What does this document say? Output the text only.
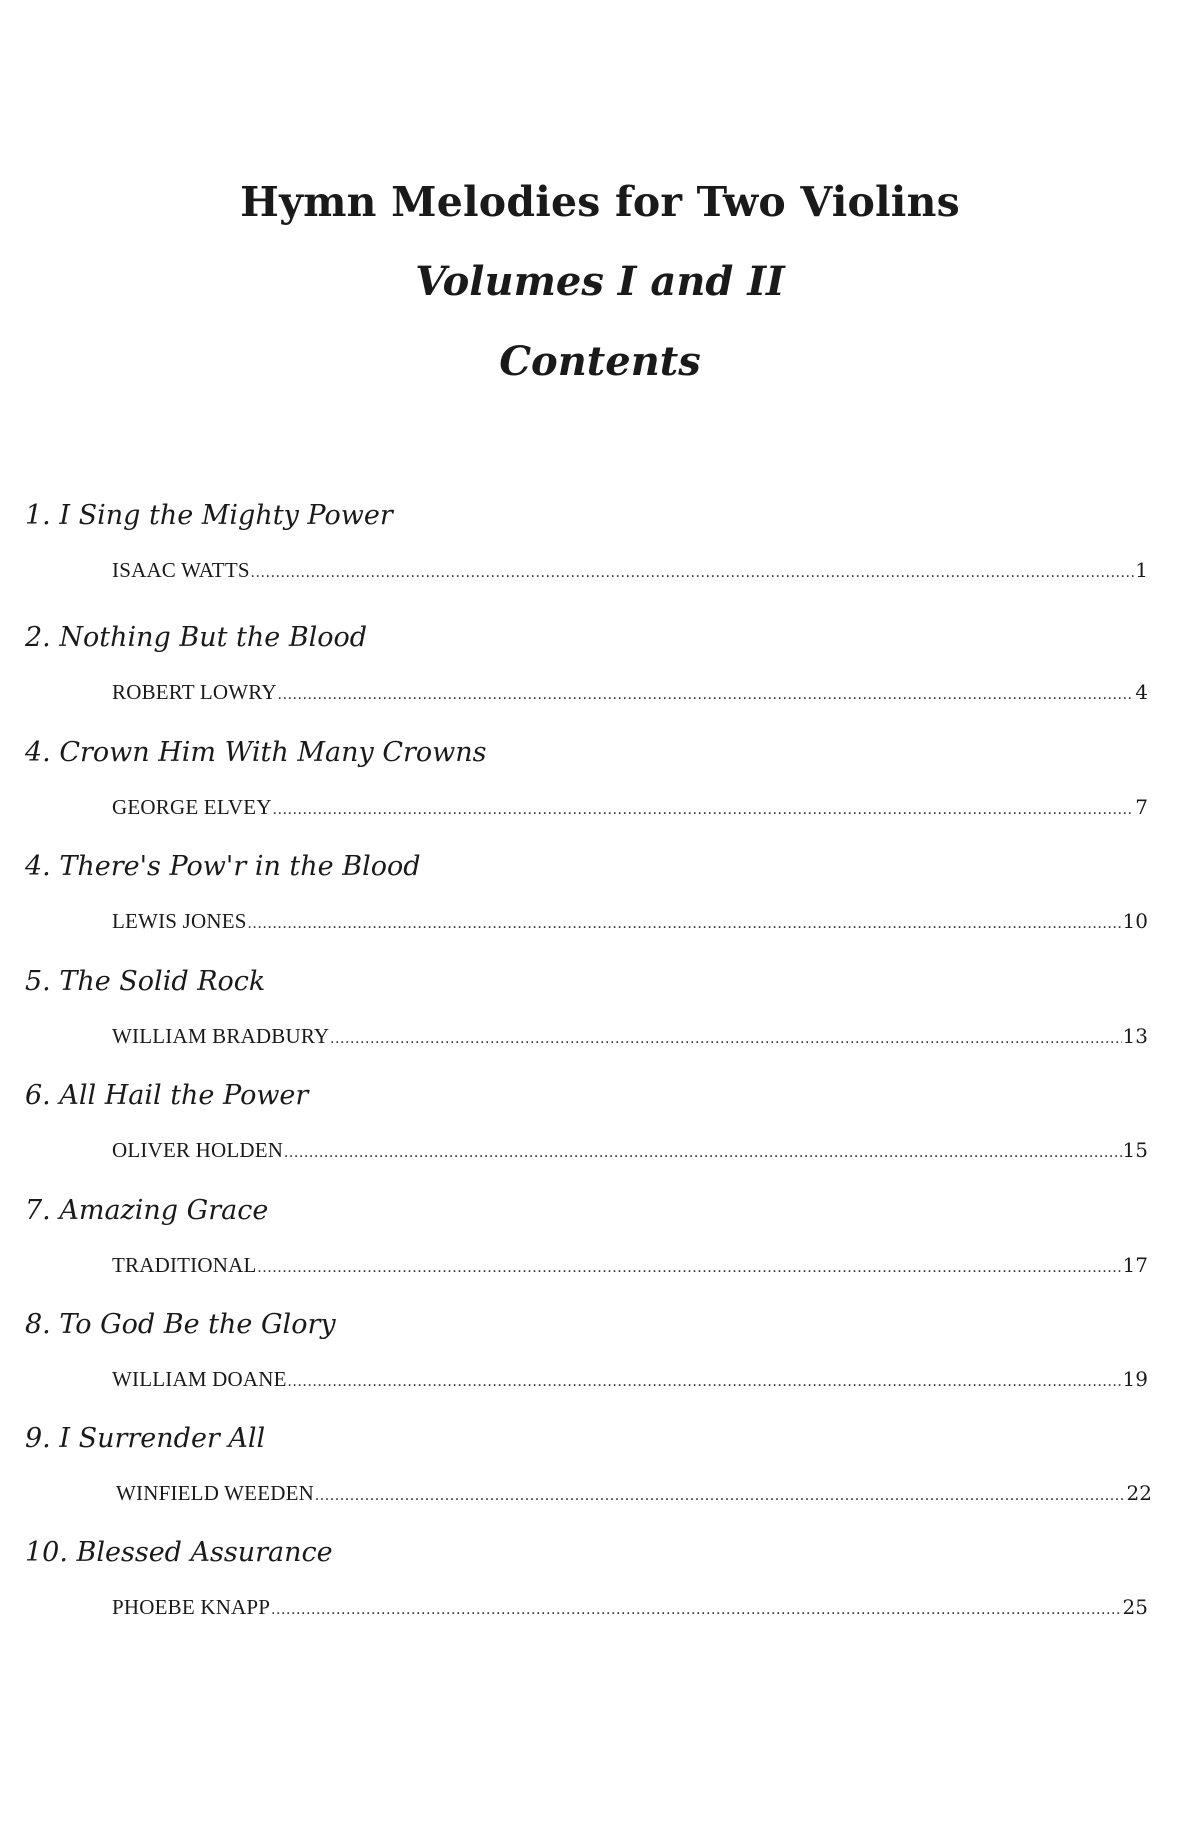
Hymn Melodies for Two Violins
Volumes I and II
Contents
1. I Sing the Mighty Power
ISAAC WATTS .....	1
2. Nothing But the Blood
ROBERT LOWRY .....	4
4. Crown Him With Many Crowns
GEORGE ELVEY .....	7
4. There's Pow'r in the Blood
LEWIS JONES .....	10
5. The Solid Rock
WILLIAM BRADBURY .....	13
6. All Hail the Power
OLIVER HOLDEN .....	15
7. Amazing Grace
TRADITIONAL .....	17
8. To God Be the Glory
WILLIAM DOANE .....	19
9. I Surrender All
WINFIELD WEEDEN .....	22
10. Blessed Assurance
PHOEBE KNAPP .....	25
